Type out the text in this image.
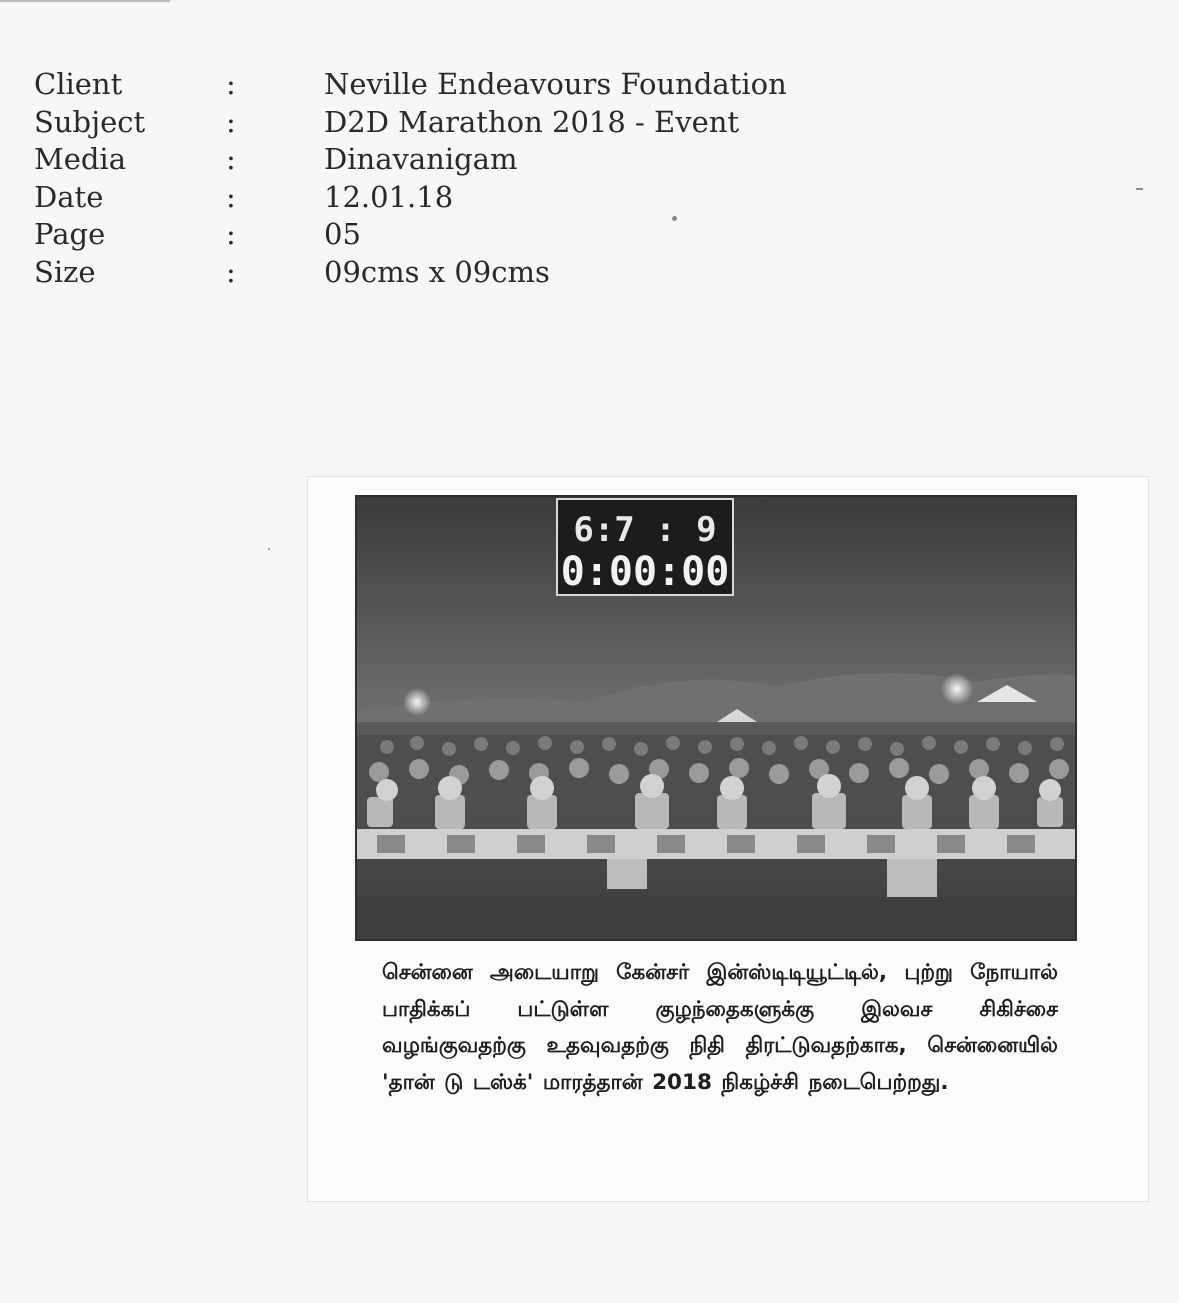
Client	:	Neville Endeavours Foundation
Subject	:	D2D Marathon 2018 - Event
Media	:	Dinavanigam
Date	:	12.01.18
Page	:	05
Size	:	09cms x 09cms
6:7 : 9
0:00:00
சென்னை அடையாறு கேன்சர் இன்ஸ்டிடியூட்டில், புற்று நோயால் பாதிக்கப் பட்டுள்ள குழந்தைகளுக்கு இலவச சிகிச்சை வழங்குவதற்கு உதவுவதற்கு நிதி திரட்டுவதற்காக, சென்னையில் 'தான் டு டஸ்க்' மாரத்தான் 2018 நிகழ்ச்சி நடைபெற்றது.
